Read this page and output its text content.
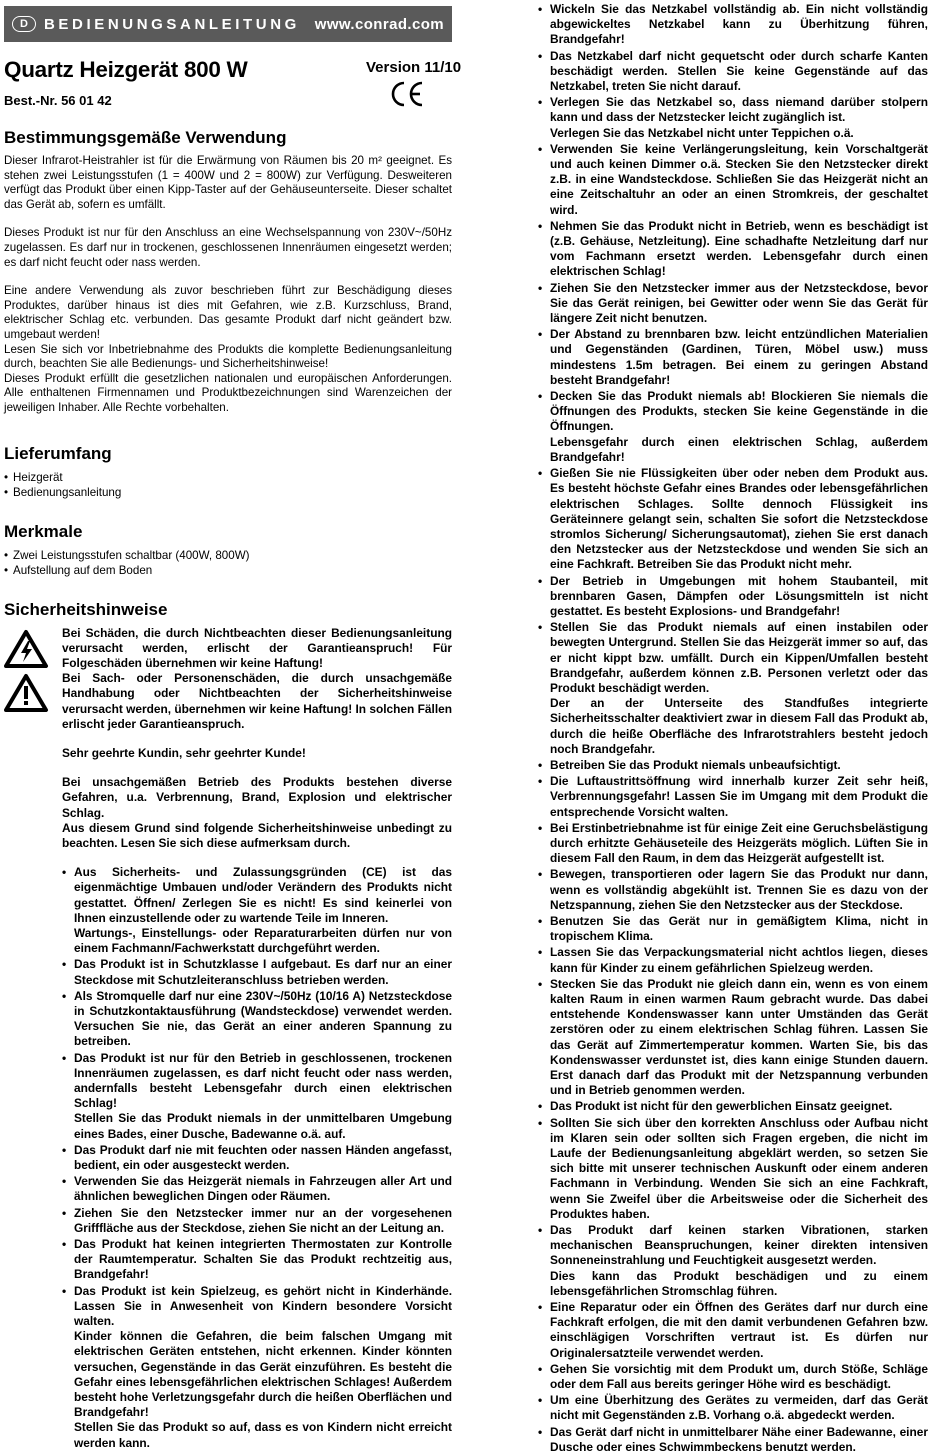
D	BEDIENUNGSANLEITUNG www.conrad.com
Quartz Heizgerät 800 W	Version 11/10
Best.-Nr. 56 01 42
Bestimmungsgemäße Verwendung

Dieser Infrarot-Heistrahler ist für die Erwärmung von Räumen bis 20 m² geeignet. Es stehen zwei Leistungsstufen (1 = 400W und 2 = 800W) zur Verfügung. Desweiteren verfügt das Produkt über einen Kipp-Taster auf der Gehäuseunterseite. Dieser schaltet das Gerät ab, sofern es umfällt.

Dieses Produkt ist nur für den Anschluss an eine Wechselspannung von 230V~/50Hz zugelassen. Es darf nur in trockenen, geschlossenen Innenräumen eingesetzt werden; es darf nicht feucht oder nass werden.

Eine andere Verwendung als zuvor beschrieben führt zur Beschädigung dieses Produktes, darüber hinaus ist dies mit Gefahren, wie z.B. Kurzschluss, Brand, elektrischer Schlag etc. verbunden. Das gesamte Produkt darf nicht geändert bzw. umgebaut werden!

Lesen Sie sich vor Inbetriebnahme des Produkts die komplette Bedienungsanleitung durch, beachten Sie alle Bedienungs- und Sicherheitshinweise!

Dieses Produkt erfüllt die gesetzlichen nationalen und europäischen Anforderungen. Alle enthaltenen Firmennamen und Produktbezeichnungen sind Warenzeichen der jeweiligen Inhaber. Alle Rechte vorbehalten.

Lieferumfang
• Heizgerät
• Bedienungsanleitung
Merkmale
• Zwei Leistungsstufen schaltbar (400W, 800W)
• Aufstellung auf dem Boden
Sicherheitshinweise

Bei Schäden, die durch Nichtbeachten dieser Bedienungsanleitung verursacht werden, erlischt der Garantieanspruch! Für Folgeschäden übernehmen wir keine Haftung!

Bei Sach- oder Personenschäden, die durch unsachgemäße Handhabung oder Nichtbeachten der Sicherheitshinweise verursacht werden, übernehmen wir keine Haftung! In solchen Fällen erlischt jeder Garantieanspruch.

Sehr geehrte Kundin, sehr geehrter Kunde!

Bei unsachgemäßen Betrieb des Produkts bestehen diverse Gefahren, u.a. Verbrennung, Brand, Explosion und elektrischer Schlag.

Aus diesem Grund sind folgende Sicherheitshinweise unbedingt zu beachten. Lesen Sie sich diese aufmerksam durch.

• Aus Sicherheits- und Zulassungsgründen (CE) ist das eigenmächtige Umbauen und/oder Verändern des Produkts nicht gestattet. Öffnen/ Zerlegen Sie es nicht! Es sind keinerlei von Ihnen einzustellende oder zu wartende Teile im Inneren.
Wartungs-, Einstellungs- oder Reparaturarbeiten dürfen nur von einem Fachmann/Fachwerkstatt durchgeführt werden.
• Das Produkt ist in Schutzklasse I aufgebaut. Es darf nur an einer Steckdose mit Schutzleiteranschluss betrieben werden.
• Als Stromquelle darf nur eine 230V~/50Hz (10/16 A) Netzsteckdose in Schutzkontaktausführung (Wandsteckdose) verwendet werden. Versuchen Sie nie, das Gerät an einer anderen Spannung zu betreiben.
• Das Produkt ist nur für den Betrieb in geschlossenen, trockenen Innenräumen zugelassen, es darf nicht feucht oder nass werden, andernfalls besteht Lebensgefahr durch einen elektrischen Schlag!
Stellen Sie das Produkt niemals in der unmittelbaren Umgebung eines Bades, einer Dusche, Badewanne o.ä. auf.
• Das Produkt darf nie mit feuchten oder nassen Händen angefasst, bedient, ein oder ausgesteckt werden.
• Verwenden Sie das Heizgerät niemals in Fahrzeugen aller Art und ähnlichen beweglichen Dingen oder Räumen.
• Ziehen Sie den Netzstecker immer nur an der vorgesehenen Grifffläche aus der Steckdose, ziehen Sie nicht an der Leitung an.
• Das Produkt hat keinen integrierten Thermostaten zur Kontrolle der Raumtemperatur. Schalten Sie das Produkt rechtzeitig aus, Brandgefahr!
• Das Produkt ist kein Spielzeug, es gehört nicht in Kinderhände. Lassen Sie in Anwesenheit von Kindern besondere Vorsicht walten.
Kinder können die Gefahren, die beim falschen Umgang mit elektrischen Geräten entstehen, nicht erkennen. Kinder könnten versuchen, Gegenstände in das Gerät einzuführen. Es besteht die Gefahr eines lebensgefährlichen elektrischen Schlages! Außerdem besteht hohe Verletzungsgefahr durch die heißen Oberflächen und Brandgefahr!
Stellen Sie das Produkt so auf, dass es von Kindern nicht erreicht werden kann.
• Wickeln Sie das Netzkabel vollständig ab. Ein nicht vollständig abgewickeltes Netzkabel kann zu Überhitzung führen, Brandgefahr!
• Das Netzkabel darf nicht gequetscht oder durch scharfe Kanten beschädigt werden. Stellen Sie keine Gegenstände auf das Netzkabel, treten Sie nicht darauf.
• Verlegen Sie das Netzkabel so, dass niemand darüber stolpern kann und dass der Netzstecker leicht zugänglich ist.
Verlegen Sie das Netzkabel nicht unter Teppichen o.ä.
• Verwenden Sie keine Verlängerungsleitung, kein Vorschaltgerät und auch keinen Dimmer o.ä. Stecken Sie den Netzstecker direkt z.B. in eine Wandsteckdose. Schließen Sie das Heizgerät nicht an eine Zeitschaltuhr an oder an einen Stromkreis, der geschaltet wird.
• Nehmen Sie das Produkt nicht in Betrieb, wenn es beschädigt ist (z.B. Gehäuse, Netzleitung). Eine schadhafte Netzleitung darf nur vom Fachmann ersetzt werden. Lebensgefahr durch einen elektrischen Schlag!
• Ziehen Sie den Netzstecker immer aus der Netzsteckdose, bevor Sie das Gerät reinigen, bei Gewitter oder wenn Sie das Gerät für längere Zeit nicht benutzen.
• Der Abstand zu brennbaren bzw. leicht entzündlichen Materialien und Gegenständen (Gardinen, Türen, Möbel usw.) muss mindestens 1.5m betragen. Bei einem zu geringen Abstand besteht Brandgefahr!
• Decken Sie das Produkt niemals ab! Blockieren Sie niemals die Öffnungen des Produkts, stecken Sie keine Gegenstände in die Öffnungen.
Lebensgefahr durch einen elektrischen Schlag, außerdem Brandgefahr!
• Gießen Sie nie Flüssigkeiten über oder neben dem Produkt aus. Es besteht höchste Gefahr eines Brandes oder lebensgefährlichen elektrischen Schlages. Sollte dennoch Flüssigkeit ins Geräteinnere gelangt sein, schalten Sie sofort die Netzsteckdose stromlos Sicherung/ Sicherungsautomat), ziehen Sie erst danach den Netzstecker aus der Netzsteckdose und wenden Sie sich an eine Fachkraft. Betreiben Sie das Produkt nicht mehr.
• Der Betrieb in Umgebungen mit hohem Staubanteil, mit brennbaren Gasen, Dämpfen oder Lösungsmitteln ist nicht gestattet. Es besteht Explosions- und Brandgefahr!
• Stellen Sie das Produkt niemals auf einen instabilen oder bewegten Untergrund. Stellen Sie das Heizgerät immer so auf, das er nicht kippt bzw. umfällt. Durch ein Kippen/Umfallen besteht Brandgefahr, außerdem können z.B. Personen verletzt oder das Produkt beschädigt werden.
Der an der Unterseite des Standfußes integrierte Sicherheitsschalter deaktiviert zwar in diesem Fall das Produkt ab, durch die heiße Oberfläche des Infrarotstrahlers besteht jedoch noch Brandgefahr.
• Betreiben Sie das Produkt niemals unbeaufsichtigt.
• Die Luftaustrittsöffnung wird innerhalb kurzer Zeit sehr heiß, Verbrennungsgefahr! Lassen Sie im Umgang mit dem Produkt die entsprechende Vorsicht walten.
• Bei Erstinbetriebnahme ist für einige Zeit eine Geruchsbelästigung durch erhitzte Gehäuseteile des Heizgeräts möglich. Lüften Sie in diesem Fall den Raum, in dem das Heizgerät aufgestellt ist.
• Bewegen, transportieren oder lagern Sie das Produkt nur dann, wenn es vollständig abgekühlt ist. Trennen Sie es dazu von der Netzspannung, ziehen Sie den Netzstecker aus der Steckdose.
• Benutzen Sie das Gerät nur in gemäßigtem Klima, nicht in tropischem Klima.
• Lassen Sie das Verpackungsmaterial nicht achtlos liegen, dieses kann für Kinder zu einem gefährlichen Spielzeug werden.
• Stecken Sie das Produkt nie gleich dann ein, wenn es von einem kalten Raum in einen warmen Raum gebracht wurde. Das dabei entstehende Kondenswasser kann unter Umständen das Gerät zerstören oder zu einem elektrischen Schlag führen. Lassen Sie das Gerät auf Zimmertemperatur kommen. Warten Sie, bis das Kondenswasser verdunstet ist, dies kann einige Stunden dauern. Erst danach darf das Produkt mit der Netzspannung verbunden und in Betrieb genommen werden.
• Das Produkt ist nicht für den gewerblichen Einsatz geeignet.
• Sollten Sie sich über den korrekten Anschluss oder Aufbau nicht im Klaren sein oder sollten sich Fragen ergeben, die nicht im Laufe der Bedienungsanleitung abgeklärt werden, so setzen Sie sich bitte mit unserer technischen Auskunft oder einem anderen Fachmann in Verbindung. Wenden Sie sich an eine Fachkraft, wenn Sie Zweifel über die Arbeitsweise oder die Sicherheit des Produktes haben.
• Das Produkt darf keinen starken Vibrationen, starken mechanischen Beanspruchungen, keiner direkten intensiven Sonneneinstrahlung und Feuchtigkeit ausgesetzt werden.
Dies kann das Produkt beschädigen und zu einem lebensgefährlichen Stromschlag führen.
• Eine Reparatur oder ein Öffnen des Gerätes darf nur durch eine Fachkraft erfolgen, die mit den damit verbundenen Gefahren bzw. einschlägigen Vorschriften vertraut ist. Es dürfen nur Originalersatzteile verwendet werden.
• Gehen Sie vorsichtig mit dem Produkt um, durch Stöße, Schläge oder dem Fall aus bereits geringer Höhe wird es beschädigt.
• Um eine Überhitzung des Gerätes zu vermeiden, darf das Gerät nicht mit Gegenständen z.B. Vorhang o.ä. abgedeckt werden.
• Das Gerät darf nicht in unmittelbarer Nähe einer Badewanne, einer Dusche oder eines Schwimmbeckens benutzt werden.
